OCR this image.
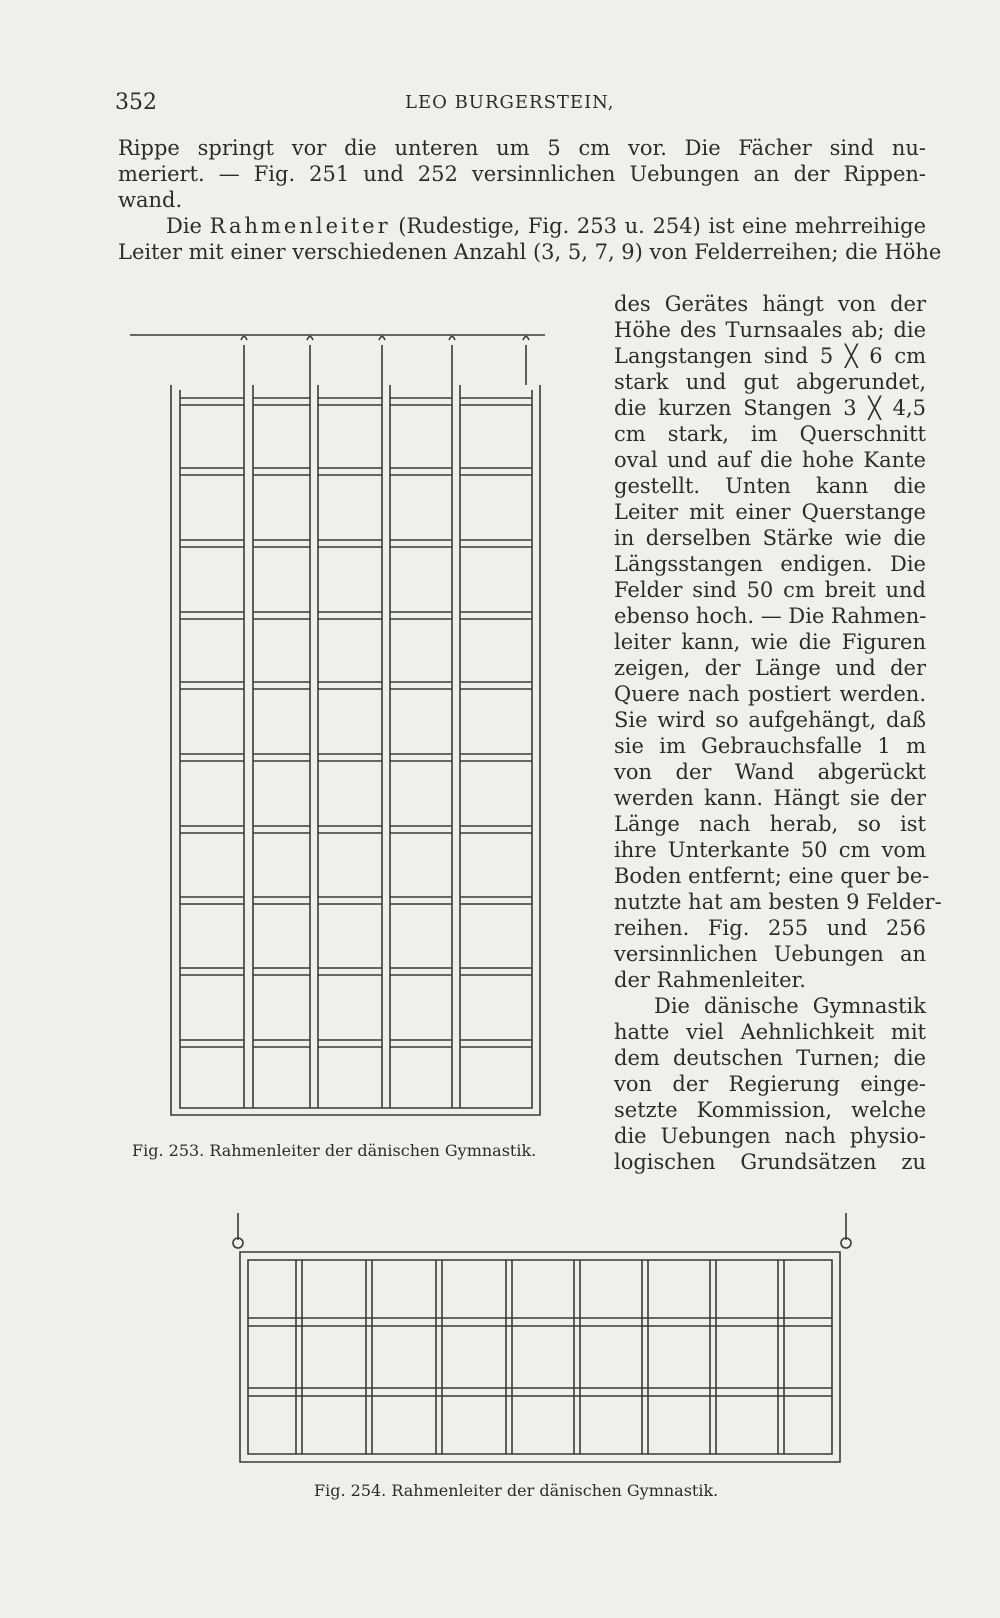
352	LEO BURGERSTEIN,
Rippe springt vor die unteren um 5 cm vor. Die Fächer sind nu-
meriert. — Fig. 251 und 252 versinnlichen Uebungen an der Rippen-
wand.
Die Rahmenleiter (Rudestige, Fig. 253 u. 254) ist eine mehrreihige
Leiter mit einer verschiedenen Anzahl (3, 5, 7, 9) von Felderreihen; die Höhe
des Gerätes hängt von der
Höhe des Turnsaales ab; die
Langstangen sind 5 ╳ 6 cm
stark und gut abgerundet,
die kurzen Stangen 3 ╳ 4,5
cm stark, im Querschnitt
oval und auf die hohe Kante
gestellt. Unten kann die
Leiter mit einer Querstange
in derselben Stärke wie die
Längsstangen endigen. Die
Felder sind 50 cm breit und
ebenso hoch. — Die Rahmen-
leiter kann, wie die Figuren
zeigen, der Länge und der
Quere nach postiert werden.
Sie wird so aufgehängt, daß
sie im Gebrauchsfalle 1 m
von der Wand abgerückt
werden kann. Hängt sie der
Länge nach herab, so ist
ihre Unterkante 50 cm vom
Boden entfernt; eine quer be-
nutzte hat am besten 9 Felder-
reihen. Fig. 255 und 256
versinnlichen Uebungen an
der Rahmenleiter.
Die dänische Gymnastik
hatte viel Aehnlichkeit mit
dem deutschen Turnen; die
von der Regierung einge-
setzte Kommission, welche
die Uebungen nach physio-
logischen Grundsätzen zu
Fig. 253. Rahmenleiter der dänischen Gymnastik.
Fig. 254. Rahmenleiter der dänischen Gymnastik.
